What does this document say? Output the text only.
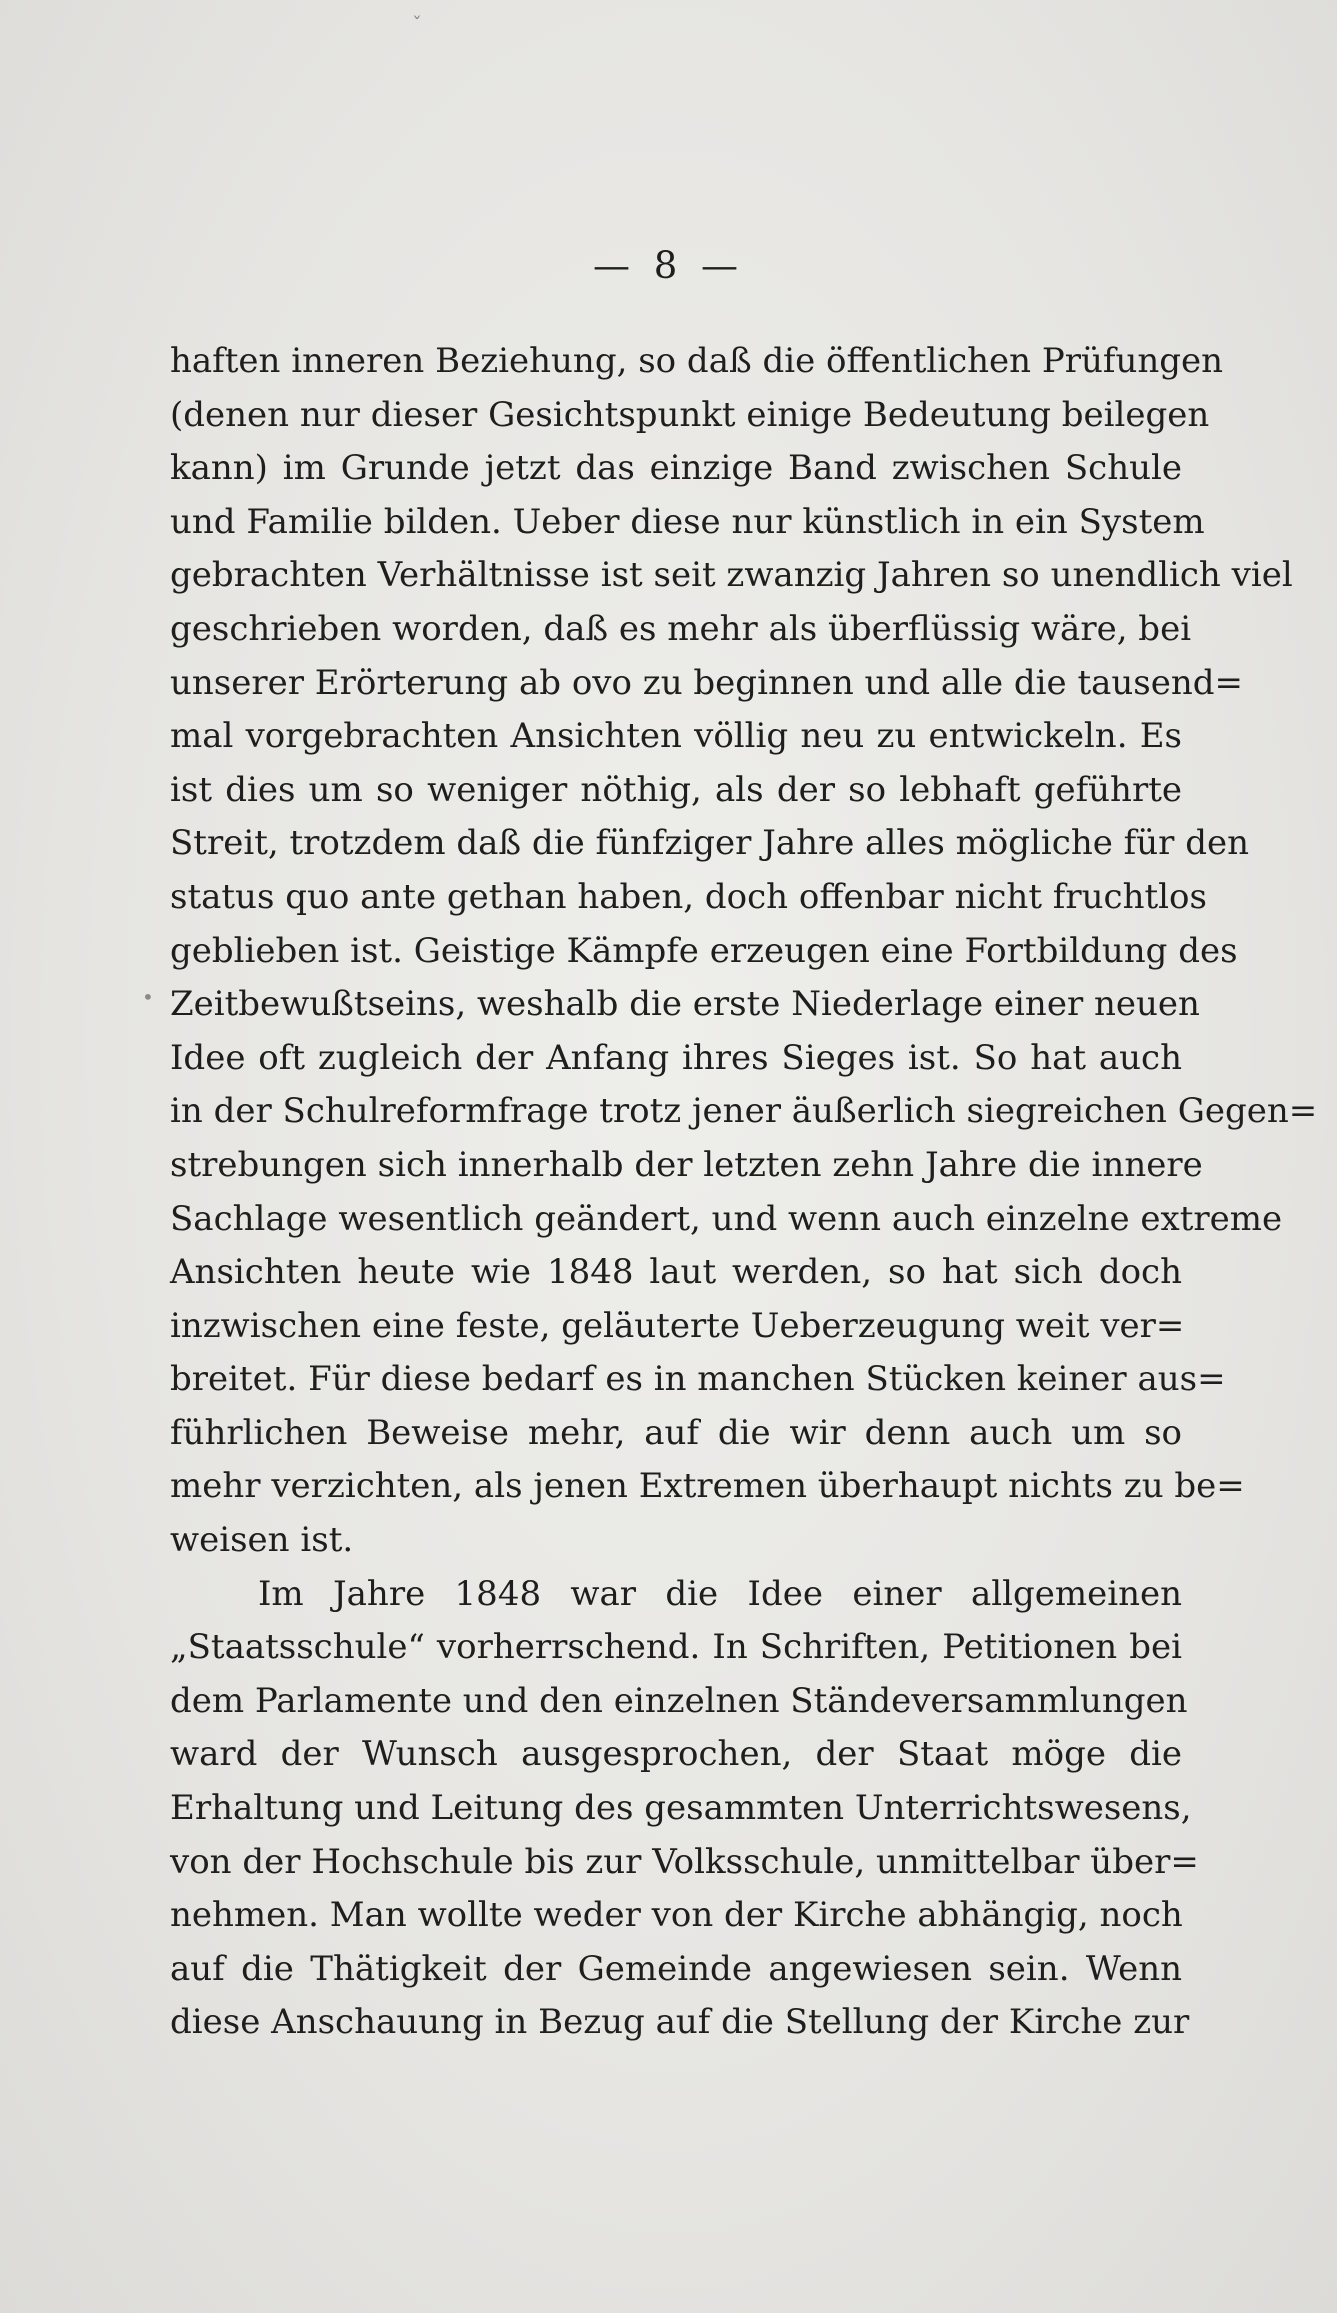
ˇ
•
— 8 —
haften inneren Beziehung, so daß die öffentlichen Prüfungen
(denen nur dieser Gesichtspunkt einige Bedeutung beilegen
kann) im Grunde jetzt das einzige Band zwischen Schule
und Familie bilden. Ueber diese nur künstlich in ein System
gebrachten Verhältnisse ist seit zwanzig Jahren so unendlich viel
geschrieben worden, daß es mehr als überflüssig wäre, bei
unserer Erörterung ab ovo zu beginnen und alle die tausend=
mal vorgebrachten Ansichten völlig neu zu entwickeln. Es
ist dies um so weniger nöthig, als der so lebhaft geführte
Streit, trotzdem daß die fünfziger Jahre alles mögliche für den
status quo ante gethan haben, doch offenbar nicht fruchtlos
geblieben ist. Geistige Kämpfe erzeugen eine Fortbildung des
Zeitbewußtseins, weshalb die erste Niederlage einer neuen
Idee oft zugleich der Anfang ihres Sieges ist. So hat auch
in der Schulreformfrage trotz jener äußerlich siegreichen Gegen=
strebungen sich innerhalb der letzten zehn Jahre die innere
Sachlage wesentlich geändert, und wenn auch einzelne extreme
Ansichten heute wie 1848 laut werden, so hat sich doch
inzwischen eine feste, geläuterte Ueberzeugung weit ver=
breitet. Für diese bedarf es in manchen Stücken keiner aus=
führlichen Beweise mehr, auf die wir denn auch um so
mehr verzichten, als jenen Extremen überhaupt nichts zu be=
weisen ist.
Im Jahre 1848 war die Idee einer allgemeinen
„Staatsschule“ vorherrschend. In Schriften, Petitionen bei
dem Parlamente und den einzelnen Ständeversammlungen
ward der Wunsch ausgesprochen, der Staat möge die
Erhaltung und Leitung des gesammten Unterrichtswesens,
von der Hochschule bis zur Volksschule, unmittelbar über=
nehmen. Man wollte weder von der Kirche abhängig, noch
auf die Thätigkeit der Gemeinde angewiesen sein. Wenn
diese Anschauung in Bezug auf die Stellung der Kirche zur
